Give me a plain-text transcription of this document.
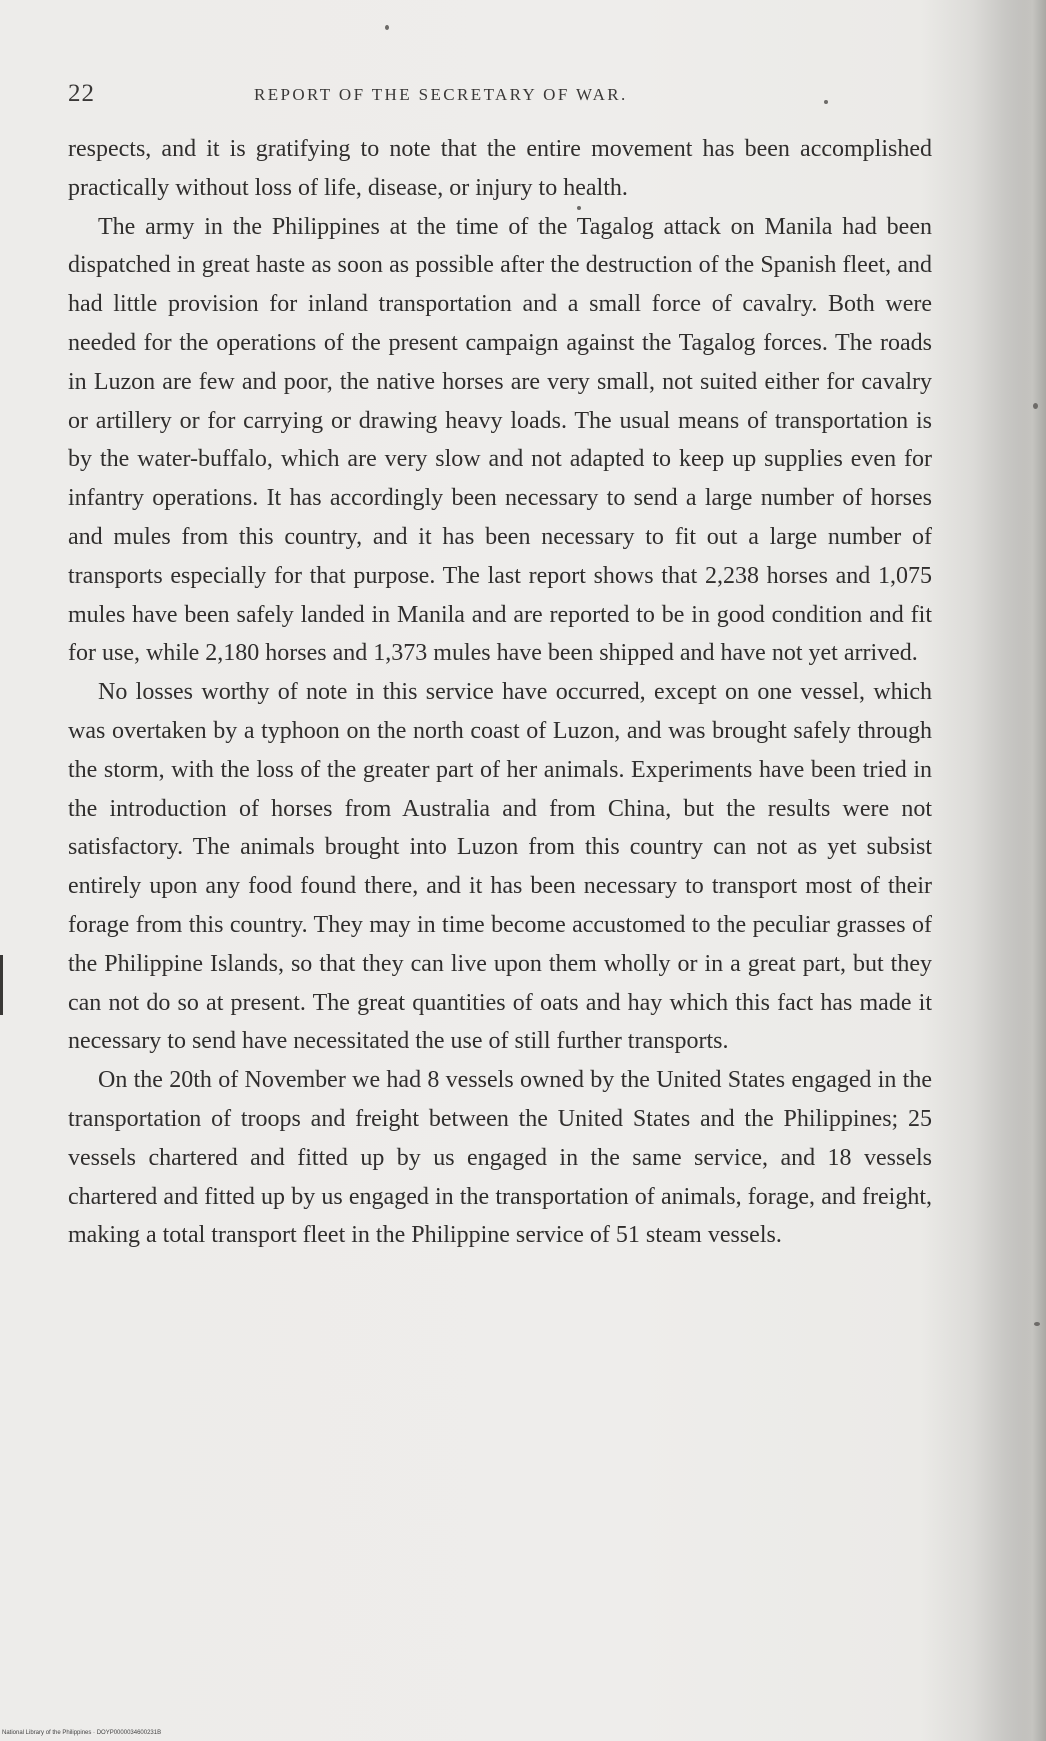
22	REPORT OF THE SECRETARY OF WAR.

respects, and it is gratifying to note that the entire movement has been accomplished practically without loss of life, disease, or injury to health.

The army in the Philippines at the time of the Tagalog attack on Manila had been dispatched in great haste as soon as possible after the destruction of the Spanish fleet, and had little provision for inland transportation and a small force of cavalry. Both were needed for the operations of the present campaign against the Tagalog forces. The roads in Luzon are few and poor, the native horses are very small, not suited either for cavalry or artillery or for carrying or drawing heavy loads. The usual means of transportation is by the water-buffalo, which are very slow and not adapted to keep up supplies even for infantry operations. It has accordingly been necessary to send a large number of horses and mules from this country, and it has been necessary to fit out a large number of transports especially for that purpose. The last report shows that 2,238 horses and 1,075 mules have been safely landed in Manila and are reported to be in good condition and fit for use, while 2,180 horses and 1,373 mules have been shipped and have not yet arrived.

No losses worthy of note in this service have occurred, except on one vessel, which was overtaken by a typhoon on the north coast of Luzon, and was brought safely through the storm, with the loss of the greater part of her animals. Experiments have been tried in the introduction of horses from Australia and from China, but the results were not satisfactory. The animals brought into Luzon from this country can not as yet subsist entirely upon any food found there, and it has been necessary to transport most of their forage from this country. They may in time become accustomed to the peculiar grasses of the Philippine Islands, so that they can live upon them wholly or in a great part, but they can not do so at present. The great quantities of oats and hay which this fact has made it necessary to send have necessitated the use of still further transports.

On the 20th of November we had 8 vessels owned by the United States engaged in the transportation of troops and freight between the United States and the Philippines; 25 vessels chartered and fitted up by us engaged in the same service, and 18 vessels chartered and fitted up by us engaged in the transportation of animals, forage, and freight, making a total transport fleet in the Philippine service of 51 steam vessels.

National Library of the Philippines · DOYP0000034600231B
